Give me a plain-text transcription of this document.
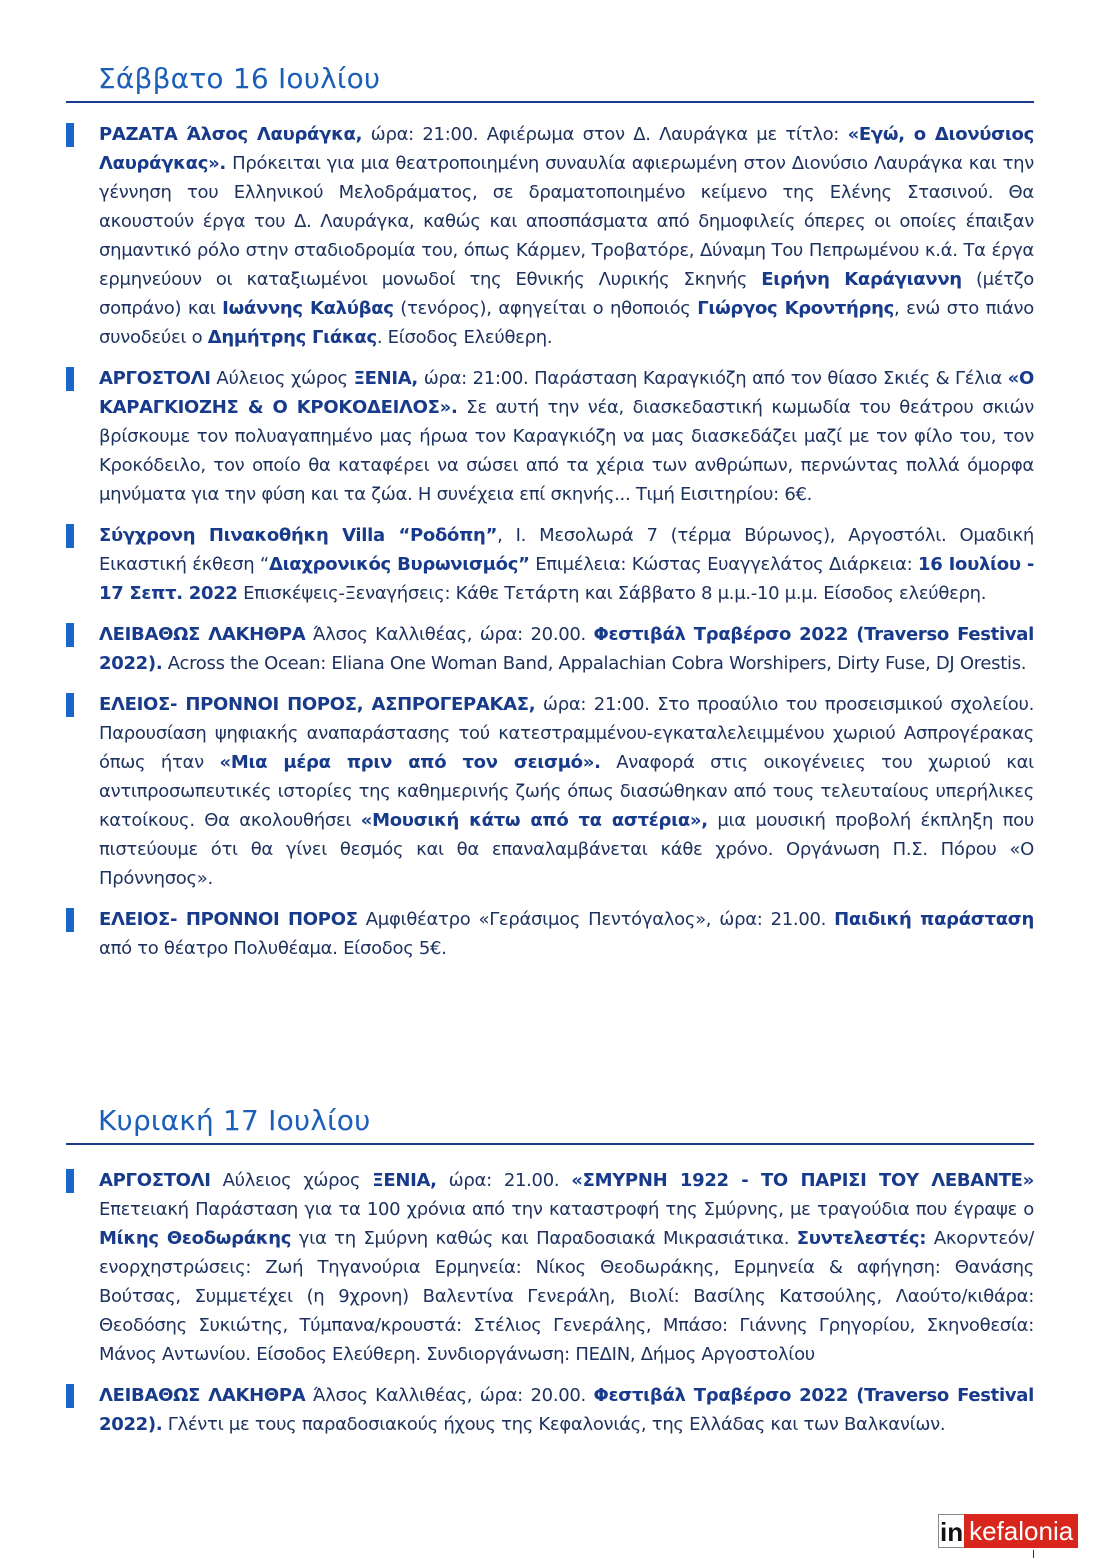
Σάββατο 16 Ιουλίου

ΡΑΖΑΤΑ Άλσος Λαυράγκα, ώρα: 21:00. Αφιέρωμα στον Δ. Λαυράγκα με τίτλο: «Εγώ, ο Διονύσιος Λαυράγκας». Πρόκειται για μια θεατροποιημένη συναυλία αφιερωμένη στον Διονύσιο Λαυράγκα και την γέννηση του Ελληνικού Μελοδράματος, σε δραματοποιημένο κείμενο της Ελένης Στασινού. Θα ακουστούν έργα του Δ. Λαυράγκα, καθώς και αποσπάσματα από δημοφιλείς όπερες οι οποίες έπαιξαν σημαντικό ρόλο στην σταδιοδρομία του, όπως Κάρμεν, Τροβατόρε, Δύναμη Του Πεπρωμένου κ.ά. Τα έργα ερμηνεύουν οι καταξιωμένοι μονωδοί της Εθνικής Λυρικής Σκηνής Ειρήνη Καράγιαννη (μέτζο σοπράνο) και Ιωάννης Καλύβας (τενόρος), αφηγείται ο ηθοποιός Γιώργος Κροντήρης, ενώ στο πιάνο συνοδεύει ο Δημήτρης Γιάκας. Είσοδος Ελεύθερη.

ΑΡΓΟΣΤΟΛΙ Αύλειος χώρος ΞΕΝΙΑ, ώρα: 21:00. Παράσταση Καραγκιόζη από τον θίασο Σκιές & Γέλια «Ο ΚΑΡΑΓΚΙΟΖΗΣ & Ο ΚΡΟΚΟΔΕΙΛΟΣ». Σε αυτή την νέα, διασκεδαστική κωμωδία του θεάτρου σκιών βρίσκουμε τον πολυαγαπημένο μας ήρωα τον Καραγκιόζη να μας διασκεδάζει μαζί με τον φίλο του, τον Κροκόδειλο, τον οποίο θα καταφέρει να σώσει από τα χέρια των ανθρώπων, περνώντας πολλά όμορφα μηνύματα για την φύση και τα ζώα. Η συνέχεια επί σκηνής... Τιμή Εισιτηρίου: 6€.

Σύγχρονη Πινακοθήκη Villa “Ροδόπη”, Ι. Μεσολωρά 7 (τέρμα Βύρωνος), Αργοστόλι. Ομαδική Εικαστική έκθεση “Διαχρονικός Βυρωνισμός” Επιμέλεια: Κώστας Ευαγγελάτος Διάρκεια: 16 Ιουλίου - 17 Σεπτ. 2022 Επισκέψεις-Ξεναγήσεις: Κάθε Τετάρτη και Σάββατο 8 μ.μ.-10 μ.μ. Είσοδος ελεύθερη.

ΛΕΙΒΑΘΩΣ ΛΑΚΗΘΡΑ Άλσος Καλλιθέας, ώρα: 20.00. Φεστιβάλ Τραβέρσο 2022 (Traverso Festival 2022). Across the Ocean: Eliana One Woman Band, Appalachian Cobra Worshipers, Dirty Fuse, DJ Orestis.

ΕΛΕΙΟΣ- ΠΡΟΝΝΟΙ ΠΟΡΟΣ, ΑΣΠΡΟΓΕΡΑΚΑΣ, ώρα: 21:00. Στο προαύλιο του προσεισμικού σχολείου. Παρουσίαση ψηφιακής αναπαράστασης τού κατεστραμμένου-εγκαταλελειμμένου χωριού Ασπρογέρακας όπως ήταν «Μια μέρα πριν από τον σεισμό». Αναφορά στις οικογένειες του χωριού και αντιπροσωπευτικές ιστορίες της καθημερινής ζωής όπως διασώθηκαν από τους τελευταίους υπερήλικες κατοίκους. Θα ακολουθήσει «Μουσική κάτω από τα αστέρια», μια μουσική προβολή έκπληξη που πιστεύουμε ότι θα γίνει θεσμός και θα επαναλαμβάνεται κάθε χρόνο. Οργάνωση Π.Σ. Πόρου «Ο Πρόννησος».

ΕΛΕΙΟΣ- ΠΡΟΝΝΟΙ ΠΟΡΟΣ Αμφιθέατρο «Γεράσιμος Πεντόγαλος», ώρα: 21.00. Παιδική παράσταση από το θέατρο Πολυθέαμα. Είσοδος 5€.

Κυριακή 17 Ιουλίου

ΑΡΓΟΣΤΟΛΙ Αύλειος χώρος ΞΕΝΙΑ, ώρα: 21.00. «ΣΜΥΡΝΗ 1922 - ΤΟ ΠΑΡΙΣΙ ΤΟΥ ΛΕΒΑΝΤΕ» Επετειακή Παράσταση για τα 100 χρόνια από την καταστροφή της Σμύρνης, με τραγούδια που έγραψε ο Μίκης Θεοδωράκης για τη Σμύρνη καθώς και Παραδοσιακά Μικρασιάτικα. Συντελεστές: Ακορντεόν/ενορχηστρώσεις: Ζωή Τηγανούρια Ερμηνεία: Νίκος Θεοδωράκης, Ερμηνεία & αφήγηση: Θανάσης Βούτσας, Συμμετέχει (η 9χρονη) Βαλεντίνα Γενεράλη, Βιολί: Βασίλης Κατσούλης, Λαούτο/κιθάρα: Θεοδόσης Συκιώτης, Τύμπανα/κρουστά: Στέλιος Γενεράλης, Μπάσο: Γιάννης Γρηγορίου, Σκηνοθεσία: Μάνος Αντωνίου. Είσοδος Ελεύθερη. Συνδιοργάνωση: ΠΕΔΙΝ, Δήμος Αργοστολίου

ΛΕΙΒΑΘΩΣ ΛΑΚΗΘΡΑ Άλσος Καλλιθέας, ώρα: 20.00. Φεστιβάλ Τραβέρσο 2022 (Traverso Festival 2022). Γλέντι με τους παραδοσιακούς ήχους της Κεφαλονιάς, της Ελλάδας και των Βαλκανίων.

in kefalonia
